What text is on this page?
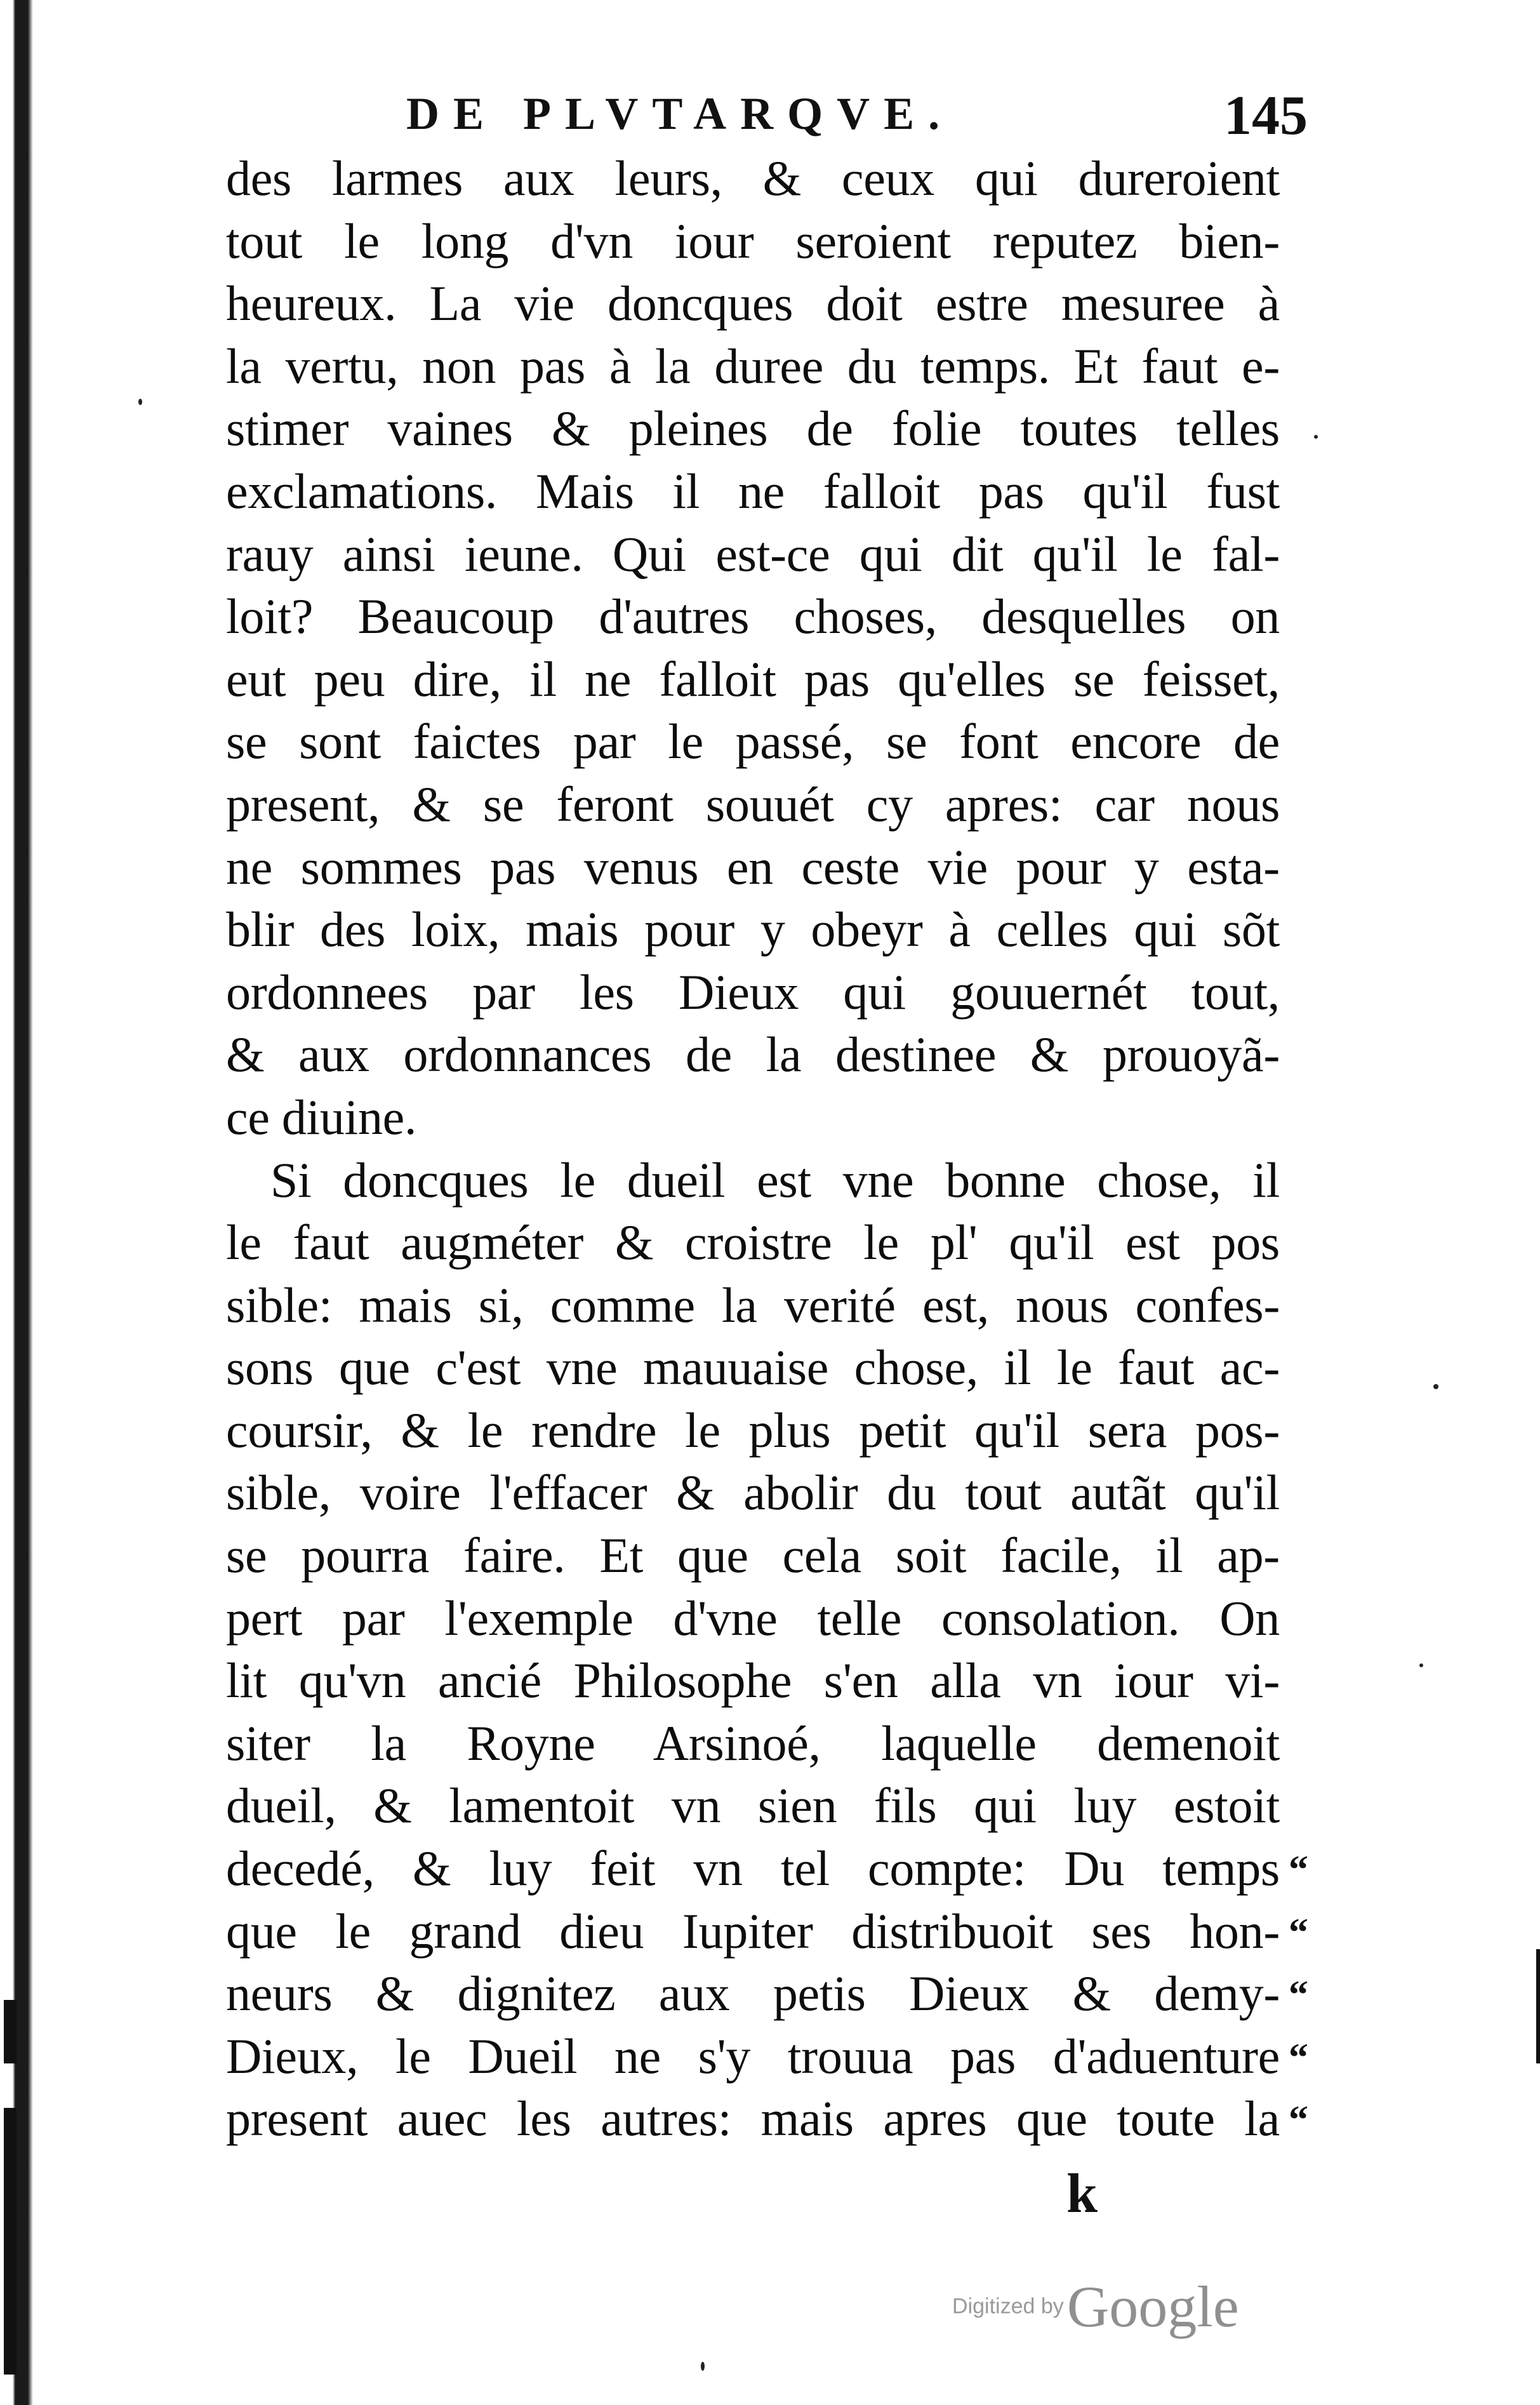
DE PLVTARQVE.	145
des larmes aux leurs, & ceux qui dureroient
tout le long d'vn iour seroient reputez bien-
heureux. La vie doncques doit estre mesuree à
la vertu, non pas à la duree du temps. Et faut e-
stimer vaines & pleines de folie toutes telles
exclamations. Mais il ne falloit pas qu'il fust
rauy ainsi ieune. Qui est-ce qui dit qu'il le fal-
loit? Beaucoup d'autres choses, desquelles on
eut peu dire, il ne falloit pas qu'elles se feisset,
se sont faictes par le passé, se font encore de
present, & se feront souuét cy apres: car nous
ne sommes pas venus en ceste vie pour y esta-
blir des loix, mais pour y obeyr à celles qui sõt
ordonnees par les Dieux qui gouuernét tout,
& aux ordonnances de la destinee & prouoyã-
ce diuine.
Si doncques le dueil est vne bonne chose, il
le faut augméter & croistre le pl' qu'il est pos
sible: mais si, comme la verité est, nous confes-
sons que c'est vne mauuaise chose, il le faut ac-
coursir, & le rendre le plus petit qu'il sera pos-
sible, voire l'effacer & abolir du tout autãt qu'il
se pourra faire. Et que cela soit facile, il ap-
pert par l'exemple d'vne telle consolation. On
lit qu'vn ancié Philosophe s'en alla vn iour vi-
siter la Royne Arsinoé, laquelle demenoit
dueil, & lamentoit vn sien fils qui luy estoit
decedé, & luy feit vn tel compte: Du temps
que le grand dieu Iupiter distribuoit ses hon-
neurs & dignitez aux petis Dieux & demy-
Dieux, le Dueil ne s'y trouua pas d'aduenture
present auec les autres: mais apres que toute la
“
“
“
“
“
k
Digitized by Google
